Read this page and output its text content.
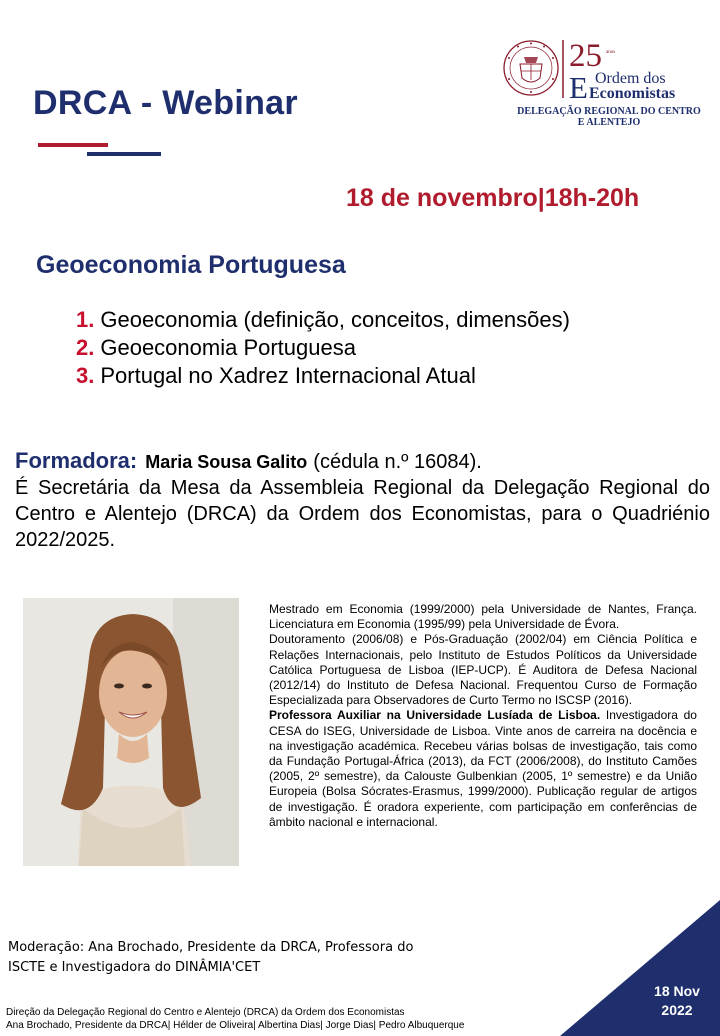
25 anos
E Ordem dos
Economistas
DELEGAÇÃO REGIONAL DO CENTRO
E ALENTEJO
DRCA - Webinar
18 de novembro|18h-20h
Geoeconomia Portuguesa
1. Geoeconomia (definição, conceitos, dimensões)
2. Geoeconomia Portuguesa
3. Portugal no Xadrez Internacional Atual
Formadora: Maria Sousa Galito (cédula n.º 16084).
É Secretária da Mesa da Assembleia Regional da Delegação Regional do Centro e Alentejo (DRCA) da Ordem dos Economistas, para o Quadriénio 2022/2025.

Mestrado em Economia (1999/2000) pela Universidade de Nantes, França. Licenciatura em Economia (1995/99) pela Universidade de Évora.

Doutoramento (2006/08) e Pós-Graduação (2002/04) em Ciência Política e Relações Internacionais, pelo Instituto de Estudos Políticos da Universidade Católica Portuguesa de Lisboa (IEP-UCP). É Auditora de Defesa Nacional (2012/14) do Instituto de Defesa Nacional. Frequentou Curso de Formação Especializada para Observadores de Curto Termo no ISCSP (2016).

Professora Auxiliar na Universidade Lusíada de Lisboa. Investigadora do CESA do ISEG, Universidade de Lisboa. Vinte anos de carreira na docência e na investigação académica. Recebeu várias bolsas de investigação, tais como da Fundação Portugal-África (2013), da FCT (2006/2008), do Instituto Camões (2005, 2º semestre), da Calouste Gulbenkian (2005, 1º semestre) e da União Europeia (Bolsa Sócrates-Erasmus, 1999/2000). Publicação regular de artigos de investigação. É oradora experiente, com participação em conferências de âmbito nacional e internacional.

Moderação: Ana Brochado, Presidente da DRCA, Professora do ISCTE e Investigadora do DINÂMIA'CET
Direção da Delegação Regional do Centro e Alentejo (DRCA) da Ordem dos Economistas
Ana Brochado, Presidente da DRCA| Hélder de Oliveira| Albertina Dias| Jorge Dias| Pedro Albuquerque
18 Nov
2022
